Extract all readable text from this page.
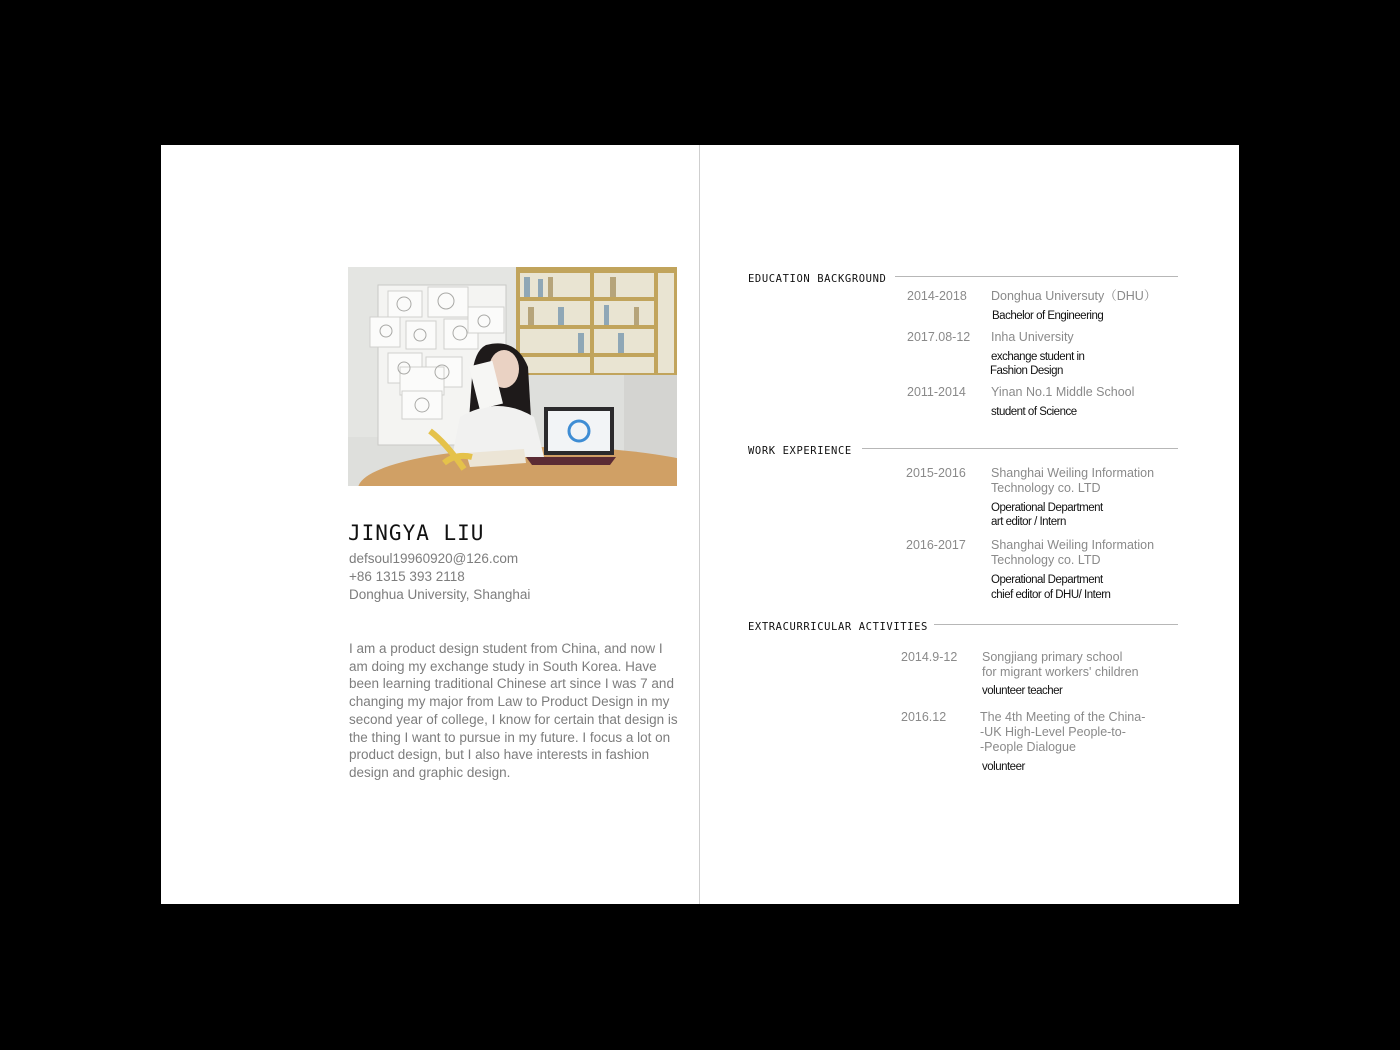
JINGYA LIU
defsoul19960920@126.com
+86 1315 393 2118
Donghua University, Shanghai
I am a product design student from China, and now I am doing my exchange study in South Korea. Have been learning traditional Chinese art since I was 7 and changing my major from Law to Product Design in my second year of college, I know for certain that design is the thing I want to pursue in my future. I focus a lot on product design, but I also have interests in fashion design and graphic design.
EDUCATION BACKGROUND
2014-2018 Donghua Universuty（DHU）
Bachelor of Engineering
2017.08-12 Inha University
exchange student in
Fashion Design
2011-2014 Yinan No.1 Middle School
student of Science
WORK EXPERIENCE
2015-2016 Shanghai Weiling Information
Technology co. LTD
Operational Department
art editor / Intern
2016-2017 Shanghai Weiling Information
Technology co. LTD
Operational Department
chief editor of DHU/ Intern
EXTRACURRICULAR ACTIVITIES
2014.9-12 Songjiang primary school
for migrant workers' children
volunteer teacher
2016.12	The 4th Meeting of the China-
-UK High-Level People-to-
-People Dialogue
volunteer
